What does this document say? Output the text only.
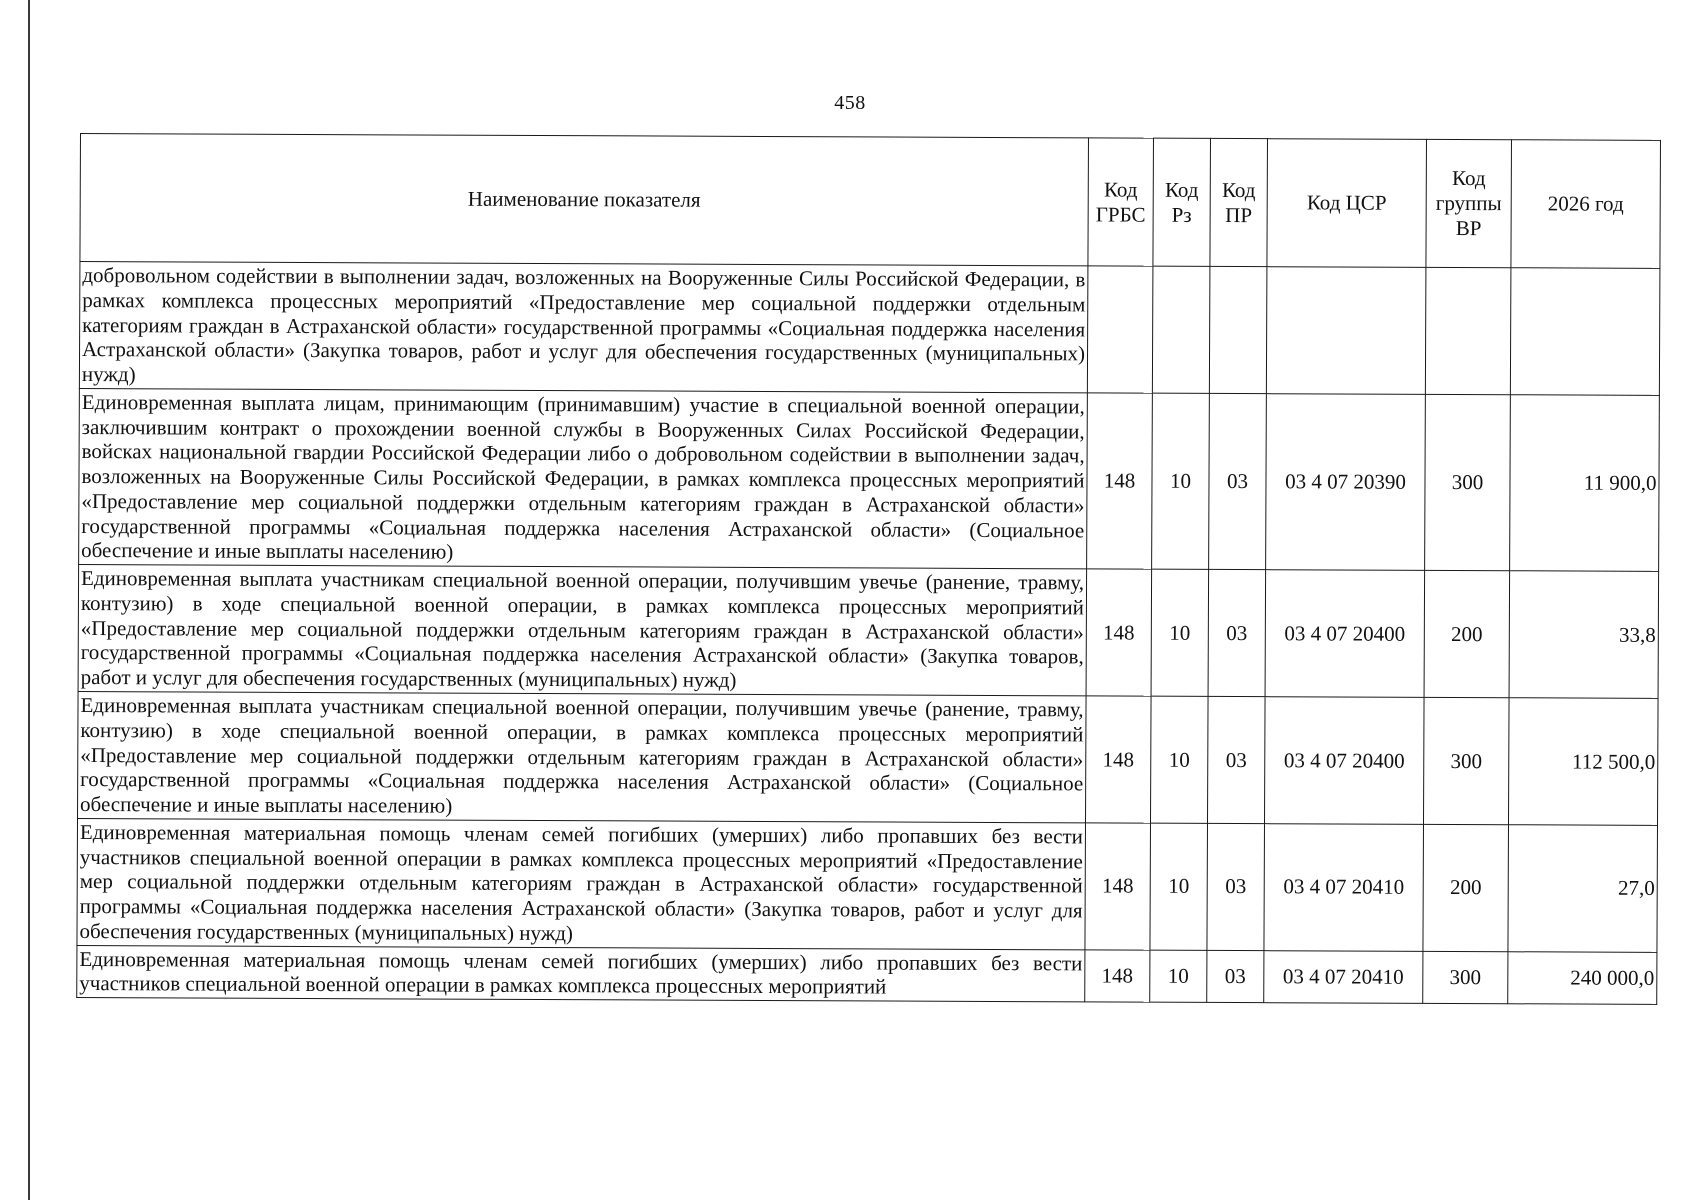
458
Наименование показателя	Код ГРБС	Код Рз	Код ПР	Код ЦСР	Код группы ВР	2026 год
добровольном содействии в выполнении задач, возложенных на Вооруженные Силы Российской Федерации, в рамках комплекса процессных мероприятий «Предоставление мер социальной поддержки отдельным категориям граждан в Астраханской области» государственной программы «Социальная поддержка населения Астраханской области» (Закупка товаров, работ и услуг для обеспечения государственных (муниципальных) нужд)						
Единовременная выплата лицам, принимающим (принимавшим) участие в специальной военной операции, заключившим контракт о прохождении военной службы в Вооруженных Силах Российской Федерации, войсках национальной гвардии Российской Федерации либо о добровольном содействии в выполнении задач, возложенных на Вооруженные Силы Российской Федерации, в рамках комплекса процессных мероприятий «Предоставление мер социальной поддержки отдельным категориям граждан в Астраханской области» государственной программы «Социальная поддержка населения Астраханской области» (Социальное обеспечение и иные выплаты населению)	148	10	03	03 4 07 20390	300	11 900,0
Единовременная выплата участникам специальной военной операции, получившим увечье (ранение, травму, контузию) в ходе специальной военной операции, в рамках комплекса процессных мероприятий «Предоставление мер социальной поддержки отдельным категориям граждан в Астраханской области» государственной программы «Социальная поддержка населения Астраханской области» (Закупка товаров, работ и услуг для обеспечения государственных (муниципальных) нужд)	148	10	03	03 4 07 20400	200	33,8
Единовременная выплата участникам специальной военной операции, получившим увечье (ранение, травму, контузию) в ходе специальной военной операции, в рамках комплекса процессных мероприятий «Предоставление мер социальной поддержки отдельным категориям граждан в Астраханской области» государственной программы «Социальная поддержка населения Астраханской области» (Социальное обеспечение и иные выплаты населению)	148	10	03	03 4 07 20400	300	112 500,0
Единовременная материальная помощь членам семей погибших (умерших) либо пропавших без вести участников специальной военной операции в рамках комплекса процессных мероприятий «Предоставление мер социальной поддержки отдельным категориям граждан в Астраханской области» государственной программы «Социальная поддержка населения Астраханской области» (Закупка товаров, работ и услуг для обеспечения государственных (муниципальных) нужд)	148	10	03	03 4 07 20410	200	27,0
Единовременная материальная помощь членам семей погибших (умерших) либо пропавших без вести участников специальной военной операции в рамках комплекса процессных мероприятий	148	10	03	03 4 07 20410	300	240 000,0
